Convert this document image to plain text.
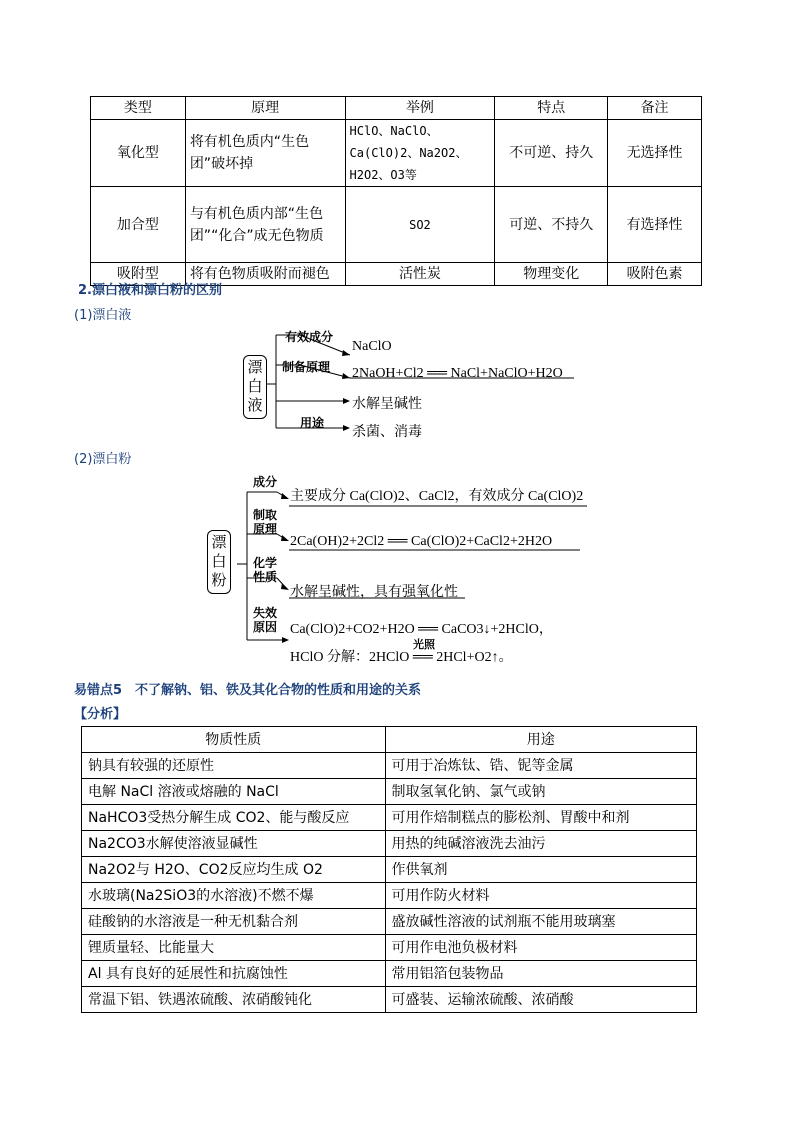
类型	原理	举例	特点	备注
氧化型	将有机色质内“生色团”破坏掉	HClO、NaClO、Ca(ClO)2、Na2O2、H2O2、O3等	不可逆、持久	无选择性
加合型	与有机色质内部“生色团”“化合”成无色物质	SO2	可逆、不持久	有选择性
吸附型	将有色物质吸附而褪色	活性炭	物理变化	吸附色素
2.漂白液和漂白粉的区别
(1)漂白液
漂白液
有效成分
制备原理
用途
NaClO
2NaOH+Cl2 ══ NaCl+NaClO+H2O
水解呈碱性
杀菌、消毒
(2)漂白粉
漂白粉
成分
制取原理
化学性质
失效原因
主要成分 Ca(ClO)2、CaCl2，有效成分 Ca(ClO)2
2Ca(OH)2+2Cl2 ══ Ca(ClO)2+CaCl2+2H2O
水解呈碱性，具有强氧化性
Ca(ClO)2+CO2+H2O ══ CaCO3↓+2HClO，
HClO 分解：2HClO ══ 2HCl+O2↑。
光照
易错点5　不了解钠、铝、铁及其化合物的性质和用途的关系
【分析】
物质性质	用途
钠具有较强的还原性	可用于冶炼钛、锆、铌等金属
电解 NaCl 溶液或熔融的 NaCl	制取氢氧化钠、氯气或钠
NaHCO3受热分解生成 CO2、能与酸反应	可用作焙制糕点的膨松剂、胃酸中和剂
Na2CO3水解使溶液显碱性	用热的纯碱溶液洗去油污
Na2O2与 H2O、CO2反应均生成 O2	作供氧剂
水玻璃(Na2SiO3的水溶液)不燃不爆	可用作防火材料
硅酸钠的水溶液是一种无机黏合剂	盛放碱性溶液的试剂瓶不能用玻璃塞
锂质量轻、比能量大	可用作电池负极材料
Al 具有良好的延展性和抗腐蚀性	常用铝箔包装物品
常温下铝、铁遇浓硫酸、浓硝酸钝化	可盛装、运输浓硫酸、浓硝酸
